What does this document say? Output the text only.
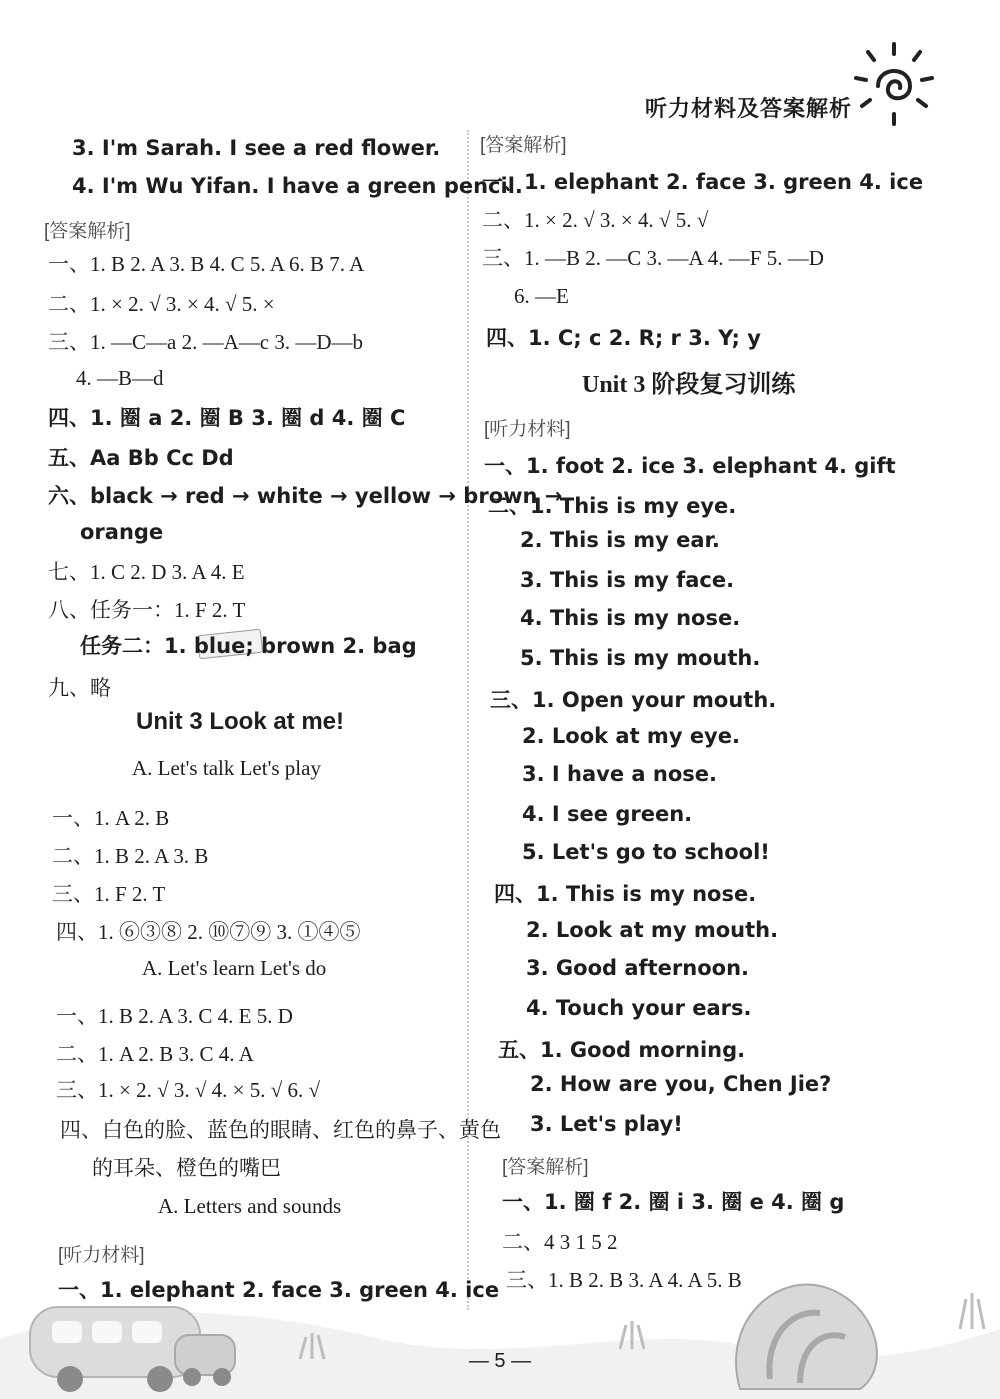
听力材料及答案解析
3. I'm Sarah. I see a red flower.
4. I'm Wu Yifan. I have a green pencil.
[答案解析]
一、1. B 2. A 3. B 4. C 5. A 6. B 7. A
二、1. × 2. √ 3. × 4. √ 5. ×
三、1. —C—a 2. —A—c 3. —D—b
4. —B—d
四、1. 圈 a 2. 圈 B 3. 圈 d 4. 圈 C
五、Aa Bb Cc Dd
六、black → red → white → yellow → brown →
orange
七、1. C 2. D 3. A 4. E
八、任务一：1. F 2. T
任务二：1. blue; brown 2. bag
九、略
Unit 3 Look at me!
A. Let's talk Let's play
一、1. A 2. B
二、1. B 2. A 3. B
三、1. F 2. T
四、1. ⑥③⑧ 2. ⑩⑦⑨ 3. ①④⑤
A. Let's learn Let's do
一、1. B 2. A 3. C 4. E 5. D
二、1. A 2. B 3. C 4. A
三、1. × 2. √ 3. √ 4. × 5. √ 6. √
四、白色的脸、蓝色的眼睛、红色的鼻子、黄色
的耳朵、橙色的嘴巴
A. Letters and sounds
[听力材料]
一、1. elephant 2. face 3. green 4. ice
[答案解析]
一、1. elephant 2. face 3. green 4. ice
二、1. × 2. √ 3. × 4. √ 5. √
三、1. —B 2. —C 3. —A 4. —F 5. —D
6. —E
四、1. C; c 2. R; r 3. Y; y
Unit 3 阶段复习训练
[听力材料]
一、1. foot 2. ice 3. elephant 4. gift
二、1. This is my eye.
2. This is my ear.
3. This is my face.
4. This is my nose.
5. This is my mouth.
三、1. Open your mouth.
2. Look at my eye.
3. I have a nose.
4. I see green.
5. Let's go to school!
四、1. This is my nose.
2. Look at my mouth.
3. Good afternoon.
4. Touch your ears.
五、1. Good morning.
2. How are you, Chen Jie?
3. Let's play!
[答案解析]
一、1. 圈 f 2. 圈 i 3. 圈 e 4. 圈 g
二、4 3 1 5 2
三、1. B 2. B 3. A 4. A 5. B
— 5 —
